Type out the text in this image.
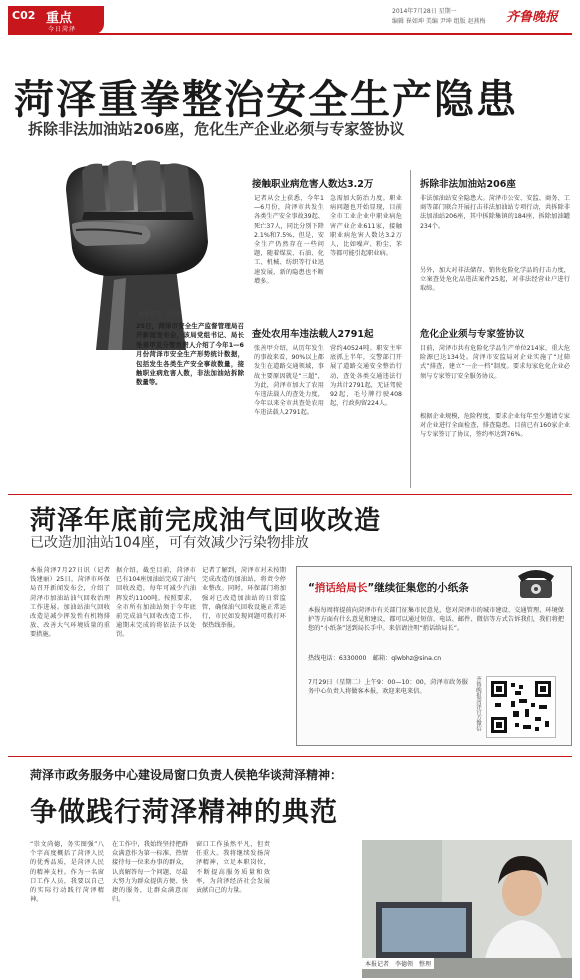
C02 重点
今日菏泽
2014年7月28日 星期一
编辑 崔如坤 美编 尹坤 组版 赵燕梅 齐鲁晚报
菏泽重拳整治安全生产隐患
拆除非法加油站206座，危化生产企业必须与专家签协议
本报记者　李贺
25日，菏泽市安全生产监督管理局召开新闻发布会，该局党组书记、局长张善甲及分管负责人介绍了今年1—6月份菏泽市安全生产形势统计数据，包括发生各类生产安全事故数量，接触职业病危害人数，非法加油站拆除数量等。
接触职业病危害人数达3.2万
记者从会上获悉，今年1—6月份，菏泽市共发生各类生产安全事故39起、死亡37人，同比分别下降2.1%和7.5%，但是，安全生产仍然存在一些问题，随着煤炭、石油、化工、机械、纺织等行业迅速发展，新的隐患也不断增多。
急需加大防治力度。职业病问题也开始显现，目前全市工业企业中职业病危害产业企业611家，接触职业病危害人数达3.2万人，比如噪声、粉尘，苯等都可能引起职业病。
查处农用车违法载人2791起
张善甲介绍，从历年发生的事故来看，90%以上都发生在道路交通领域，事故主要原因就是“三超”，为此，菏泽市加大了农用车违法载人的查处力度，今年以来全市共查处农用车违法载人2791起。
营约40524吨。职安主牢底抓上半年，交警部门开展了道路交通安全整治行动，查处各类交通违法行为共计2791起，无证驾驶92起，毛号牌行驶408起，行政拘留224人。
拆除非法加油站206座
非法加油站安全隐患大。菏泽市公安、安监、商务、工商等部门联合开展打击非法加油站专项行动，共拆除非法加油站206座，其中拆除集镇的184座，拆除加油罐234个。
另外，加大对非法储存、销售危险化学品的打击力度，立案查处危化品违法案件25起，对非法经营业户进行取缔。
危化企业须与专家签协议
目前，菏泽市共有危险化学品生产单位214家，重大危险源已达134处。菏泽市安监局对企业实施了“过筛式”排查，建立“一企一档”制度。要求每家危化企业必须与专家签订安全服务协议。
根据企业规模，危险程度，要求企业每年至少邀请专家对企业进行全面检查，排查隐患。目前已有160家企业与专家签订了协议，签约率达到76%。
菏泽年底前完成油气回收改造
已改造加油站104座，可有效减少污染物排放
本报菏泽7月27日讯（记者 钱建丽）25日，菏泽市环保局召开新闻发布会，介绍了菏泽市加油站油气回收治理工作进展。加油站油气回收改造是减少挥发性有机物排放、改善大气环境质量的重要措施。
据介绍，截至目前，菏泽市已有104座加油站完成了油气回收改造，每年可减少汽油挥发约1100吨。按照要求，全市所有加油站须于今年底前完成油气回收改造工作，逾期未完成的将依法予以处罚。
记者了解到，菏泽市对未按期完成改造的加油站，将责令停业整改。同时，环保部门将加强对已改造加油站的日常监管，确保油气回收设施正常运行，市民如发现问题可拨打环保热线举报。
“捎话给局长”继续征集您的小纸条
本报每周将提前向菏泽市有关部门征集市民意见，您对菏泽市的城市建设、交通管理、环境保护等方面有什么意见和建议，都可以通过短信、电话、邮件、微信等方式告诉我们，我们将把您的“小纸条”送到局长手中。来信请注明“捎话给局长”。
热线电话：6330000　邮箱：qlwbhz@sina.cn
7月29日（星期二）上午9：00—10：00，菏泽市政务服务中心负责人将做客本报，欢迎来电来信。	齐鲁晚报菏泽官方微信
菏泽市政务服务中心建设局窗口负责人侯艳华谈菏泽精神：
争做践行菏泽精神的典范
“崇文尚德，务实图强”八个字高度概括了菏泽人民的优秀品质，是菏泽人民的精神支柱。作为一名窗口工作人员，我要以自己的实际行动践行菏泽精神。
在工作中，我始终坚持把群众满意作为第一标准，热情接待每一位来办事的群众，认真解答每一个问题，尽最大努力为群众提供方便、快捷的服务，让群众满意而归。
窗口工作虽然平凡，但责任重大。我将继续发扬菏泽精神，立足本职岗位，不断提高服务质量和效率，为菏泽经济社会发展贡献自己的力量。
本报记者　李德领　整理
